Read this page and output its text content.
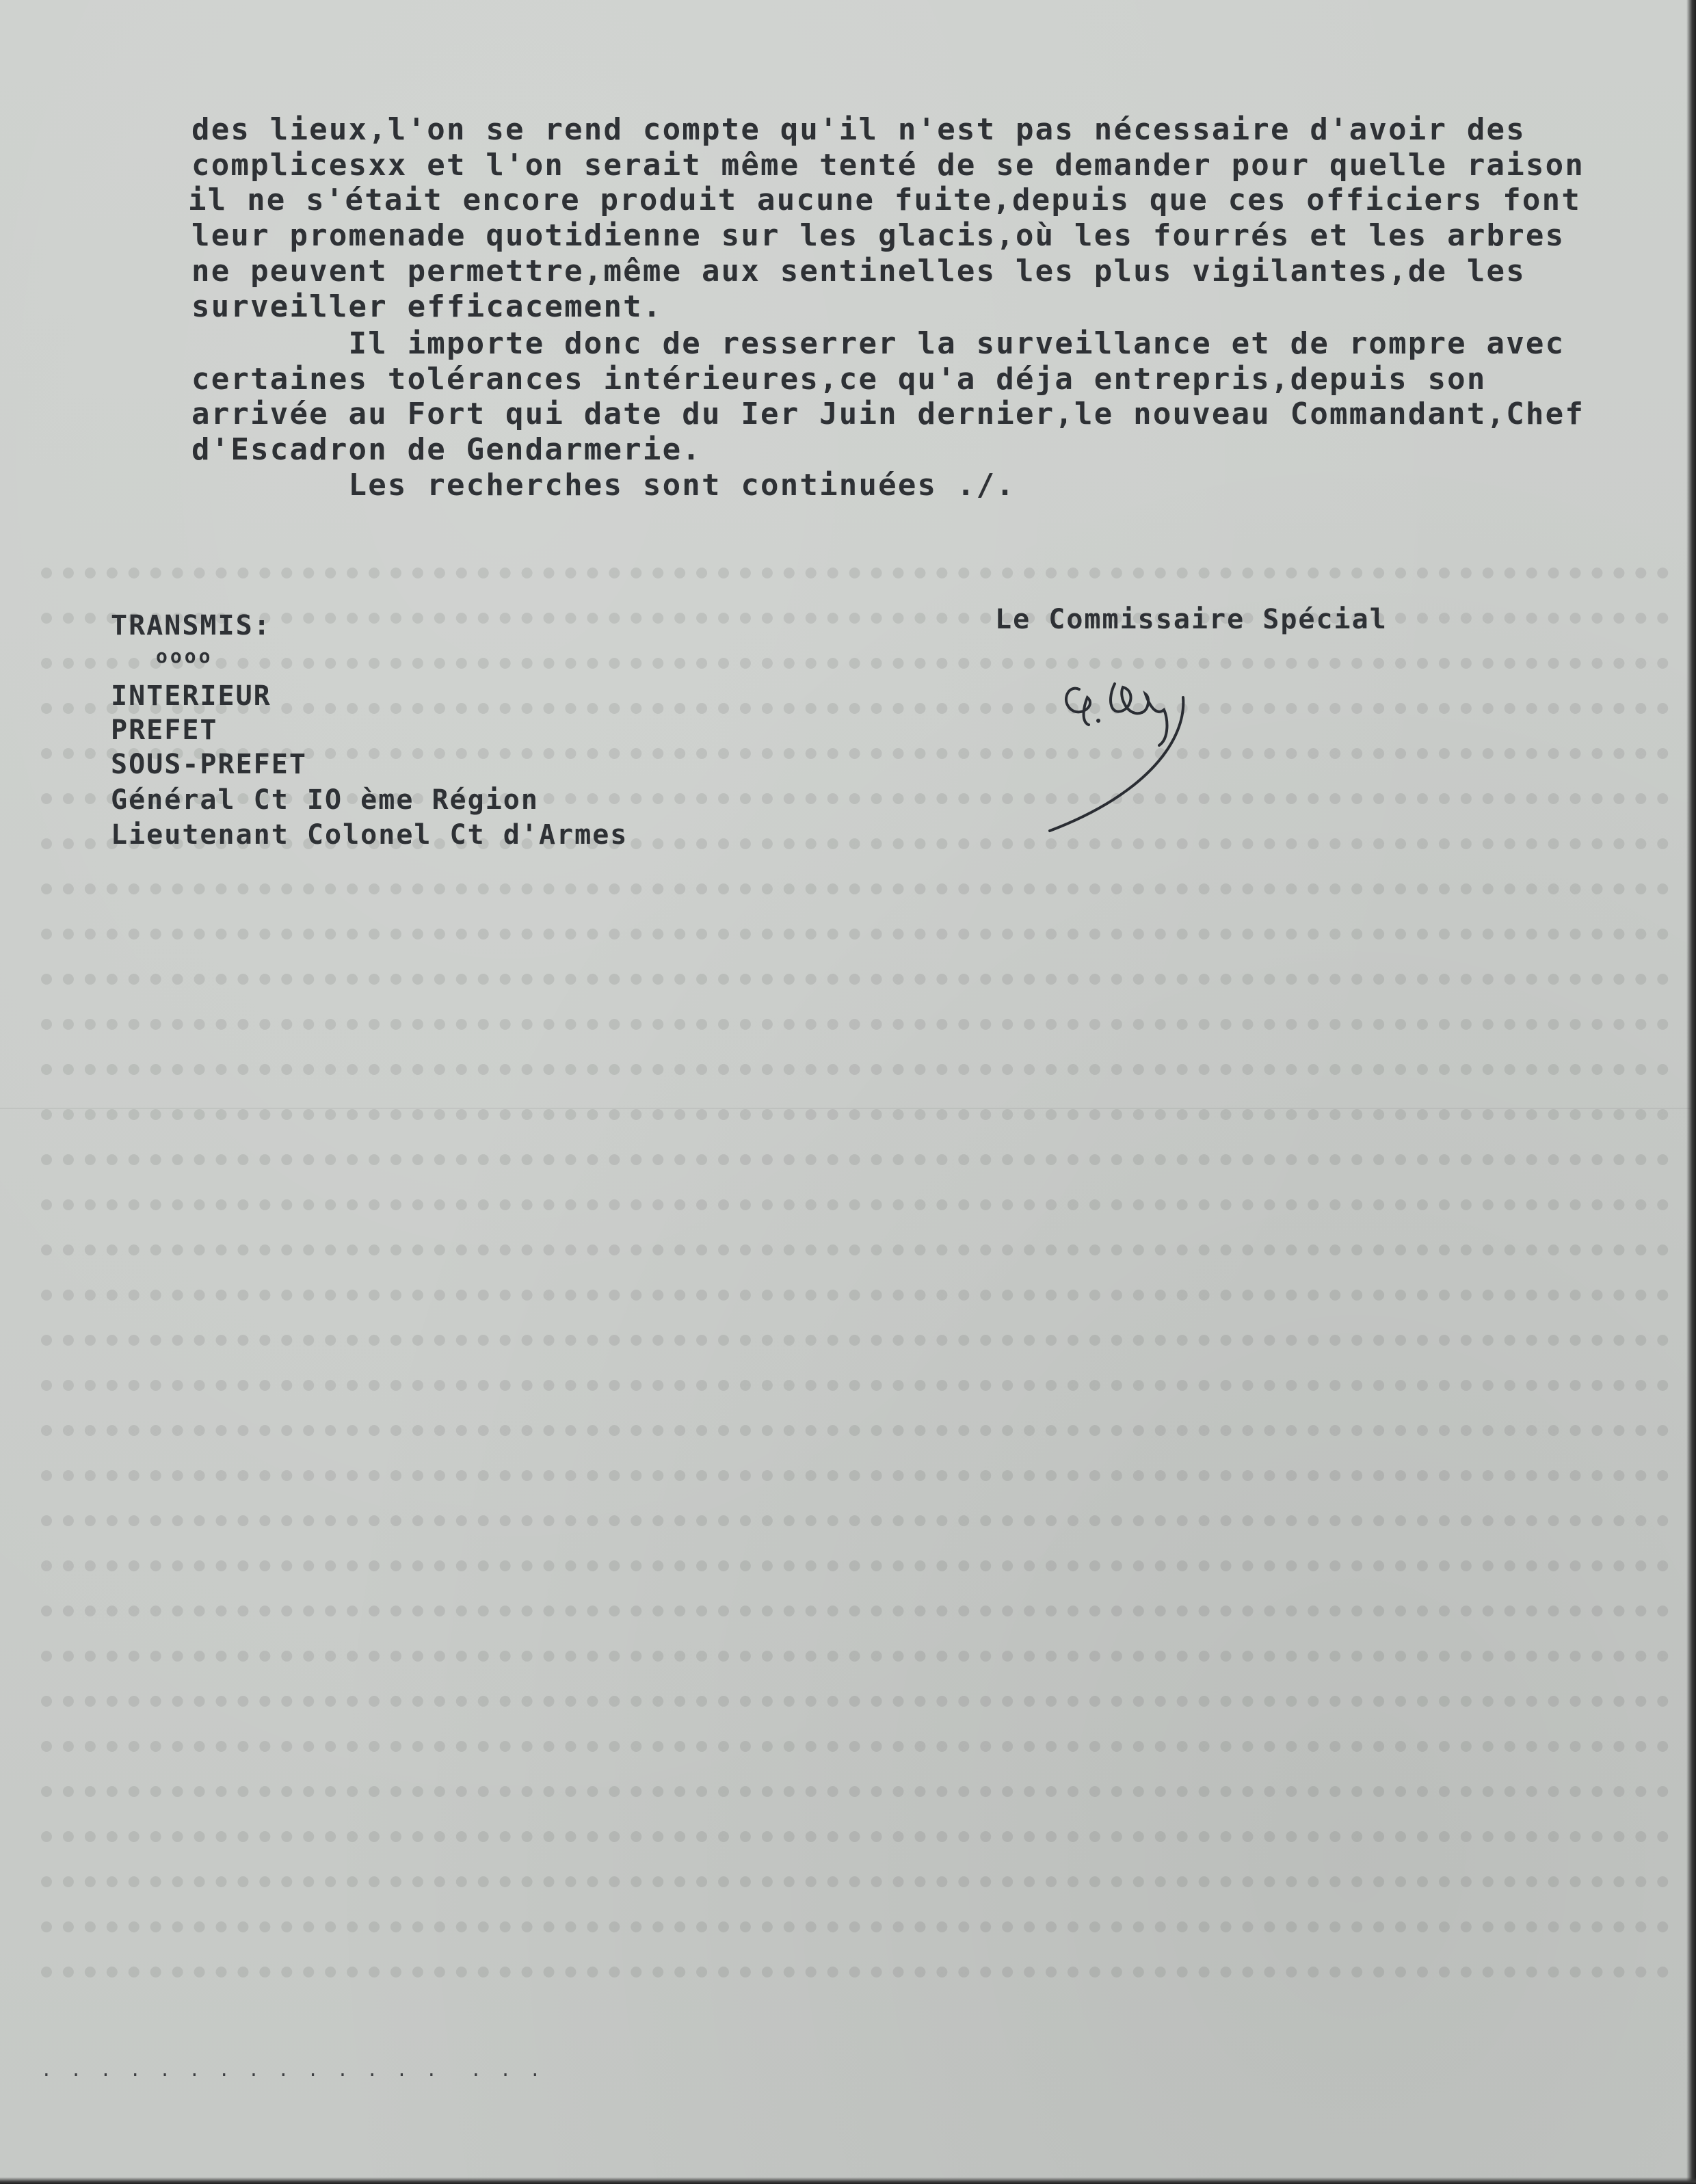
des lieux,l'on se rend compte qu'il n'est pas nécessaire d'avoir des
complicesxx et l'on serait même tenté de se demander pour quelle raison
il ne s'était encore produit aucune fuite,depuis que ces officiers font
leur promenade quotidienne sur les glacis,où les fourrés et les arbres
ne peuvent permettre,même aux sentinelles les plus vigilantes,de les
surveiller efficacement.
Il importe donc de resserrer la surveillance et de rompre avec
certaines tolérances intérieures,ce qu'a déja entrepris,depuis son
arrivée au Fort qui date du Ier Juin dernier,le nouveau Commandant,Chef
d'Escadron de Gendarmerie.
Les recherches sont continuées ./.
TRANSMIS:
oooo
INTERIEUR
PREFET
SOUS-PREFET
Général Ct IO ème Région
Lieutenant Colonel Ct d'Armes
Le Commissaire Spécial
· · · · · · · · · · · · · ·  · · ·
